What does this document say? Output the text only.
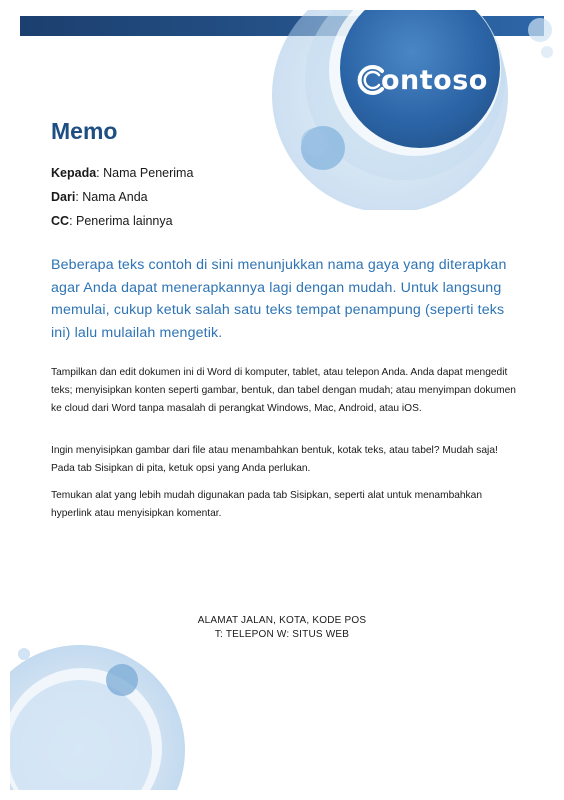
ontoso
Memo
Kepada: Nama Penerima
Dari: Nama Anda
CC: Penerima lainnya

Beberapa teks contoh di sini menunjukkan nama gaya yang diterapkan agar Anda dapat menerapkannya lagi dengan mudah. Untuk langsung memulai, cukup ketuk salah satu teks tempat penampung (seperti teks ini) lalu mulailah mengetik.

Tampilkan dan edit dokumen ini di Word di komputer, tablet, atau telepon Anda. Anda dapat mengedit teks; menyisipkan konten seperti gambar, bentuk, dan tabel dengan mudah; atau menyimpan dokumen ke cloud dari Word tanpa masalah di perangkat Windows, Mac, Android, atau iOS.

Ingin menyisipkan gambar dari file atau menambahkan bentuk, kotak teks, atau tabel? Mudah saja! Pada tab Sisipkan di pita, ketuk opsi yang Anda perlukan.

Temukan alat yang lebih mudah digunakan pada tab Sisipkan, seperti alat untuk menambahkan hyperlink atau menyisipkan komentar.

ALAMAT JALAN, KOTA, KODE POS
T: TELEPON W: SITUS WEB
